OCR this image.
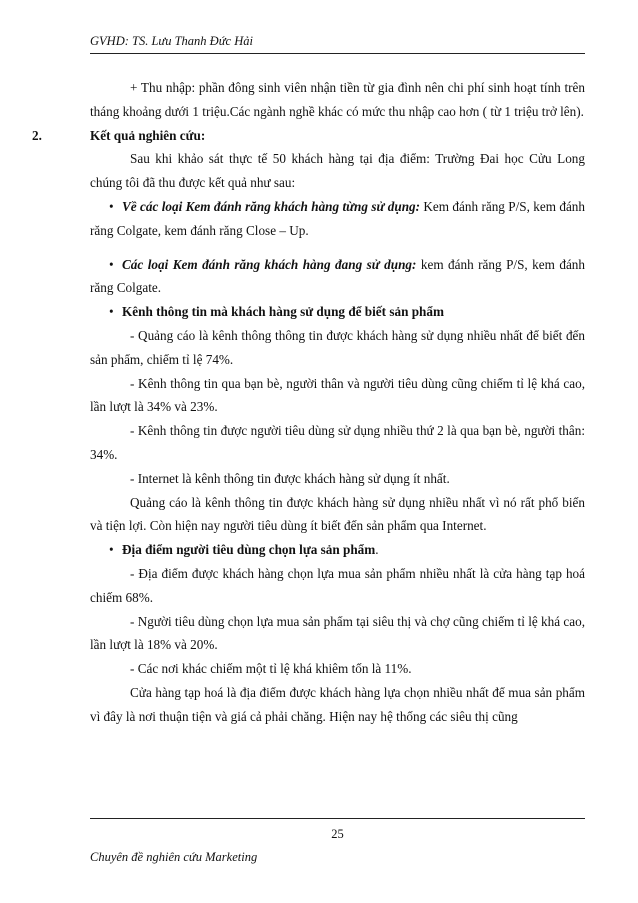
GVHD: TS. Lưu Thanh Đức Hải

+ Thu nhập: phần đông sinh viên nhận tiền từ gia đình nên chi phí sinh hoạt tính trên tháng khoảng dưới 1 triệu.Các ngành nghề khác có mức thu nhập cao hơn ( từ 1 triệu trở lên).

2.	Kết quả nghiên cứu:

Sau khi khảo sát thực tế 50 khách hàng tại địa điểm: Trường Đai học Cửu Long chúng tôi đã thu được kết quả như sau:

• Về các loại Kem đánh răng khách hàng từng sử dụng: Kem đánh răng P/S, kem đánh răng Colgate, kem đánh răng Close – Up.

• Các loại Kem đánh răng khách hàng đang sử dụng: kem đánh răng P/S, kem đánh răng Colgate.

• Kênh thông tin mà khách hàng sử dụng để biết sản phẩm

- Quảng cáo là kênh thông thông tin được khách hàng sử dụng nhiều nhất để biết đến sản phẩm, chiếm tỉ lệ 74%.

- Kênh thông tin qua bạn bè, người thân và người tiêu dùng cũng chiếm tỉ lệ khá cao, lần lượt là 34% và 23%.

- Kênh thông tin được người tiêu dùng sử dụng nhiều thứ 2 là qua bạn bè, người thân: 34%.

- Internet là kênh thông tin được khách hàng sử dụng ít nhất.

Quảng cáo là kênh thông tin được khách hàng sử dụng nhiều nhất vì nó rất phổ biến và tiện lợi. Còn hiện nay người tiêu dùng ít biết đến sản phẩm qua Internet.

• Địa điểm người tiêu dùng chọn lựa sản phẩm.

- Địa điểm được khách hàng chọn lựa mua sản phẩm nhiều nhất là cửa hàng tạp hoá chiếm 68%.

- Người tiêu dùng chọn lựa mua sản phẩm tại siêu thị và chợ cũng chiếm tỉ lệ khá cao, lần lượt là 18% và 20%.

- Các nơi khác chiếm một tỉ lệ khá khiêm tốn là 11%.

Cửa hàng tạp hoá là địa điểm được khách hàng lựa chọn nhiều nhất để mua sản phẩm vì đây là nơi thuận tiện và giá cả phải chăng. Hiện nay hệ thống các siêu thị cũng

25
Chuyên đề nghiên cứu Marketing
